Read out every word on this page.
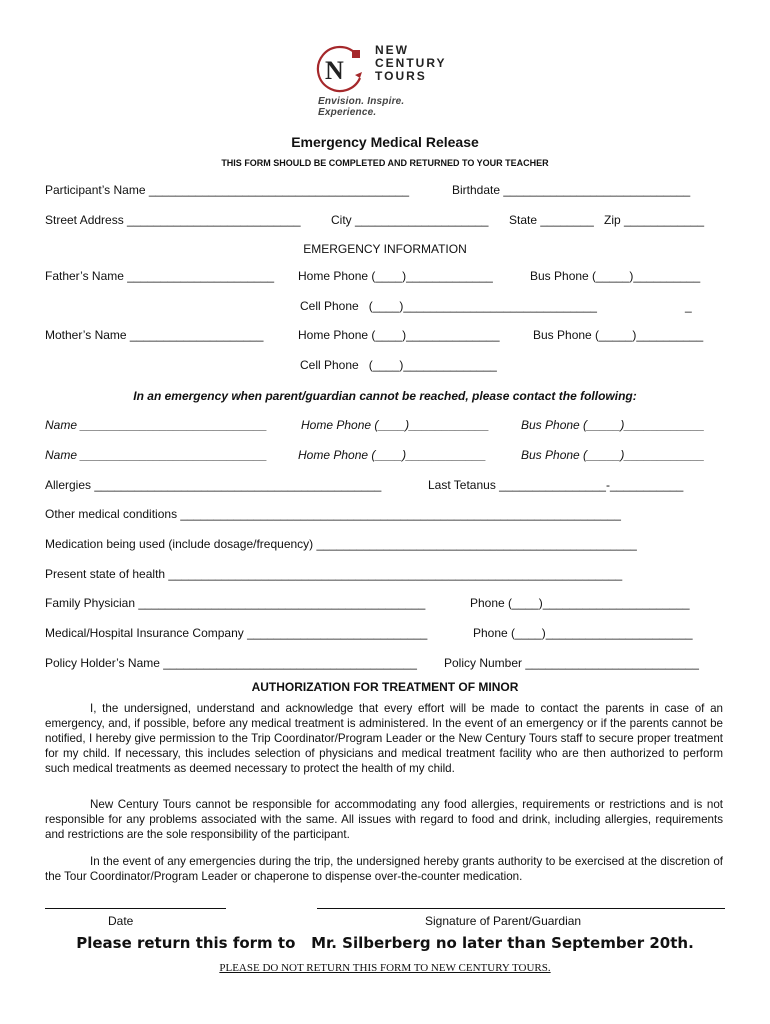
N
NEW
CENTURY
TOURS
Envision. Inspire. Experience.
Emergency Medical Release
THIS FORM SHOULD BE COMPLETED AND RETURNED TO YOUR TEACHER
Participant’s Name _______________________________________	Birthdate ____________________________
Street Address __________________________	City ____________________ State ________ Zip ____________
EMERGENCY INFORMATION
Father’s Name ______________________ Home Phone (____)_____________	Bus Phone (_____)__________
Cell Phone   (____)_____________________________	_
Mother’s Name ____________________	Home Phone (____)______________	Bus Phone (_____)__________
Cell Phone   (____)______________
In an emergency when parent/guardian cannot be reached, please contact the following:
Name ____________________________	Home Phone (____)____________	Bus Phone (_____)____________
Name ____________________________	Home Phone (____)____________	Bus Phone (_____)____________
Allergies ___________________________________________	Last Tetanus ________________-___________
Other medical conditions __________________________________________________________________
Medication being used (include dosage/frequency) ________________________________________________
Present state of health ____________________________________________________________________
Family Physician ___________________________________________	Phone (____)______________________
Medical/Hospital Insurance Company ___________________________	Phone (____)______________________
Policy Holder’s Name ______________________________________ Policy Number __________________________
AUTHORIZATION FOR TREATMENT OF MINOR
I, the undersigned, understand and acknowledge that every effort will be made to contact the parents in case of an emergency, and, if possible, before any medical treatment is administered. In the event of an emergency or if the parents cannot be notified, I hereby give permission to the Trip Coordinator/Program Leader or the New Century Tours staff to secure proper treatment for my child. If necessary, this includes selection of physicians and medical treatment facility who are then authorized to perform such medical treatments as deemed necessary to protect the health of my child.
New Century Tours cannot be responsible for accommodating any food allergies, requirements or restrictions and is not responsible for any problems associated with the same. All issues with regard to food and drink, including allergies, requirements and restrictions are the sole responsibility of the participant.
In the event of any emergencies during the trip, the undersigned hereby grants authority to be exercised at the discretion of the Tour Coordinator/Program Leader or chaperone to dispense over-the-counter medication.
Date	Signature of Parent/Guardian
Please return this form to Mr. Silberberg no later than September 20th.
PLEASE DO NOT RETURN THIS FORM TO NEW CENTURY TOURS.
